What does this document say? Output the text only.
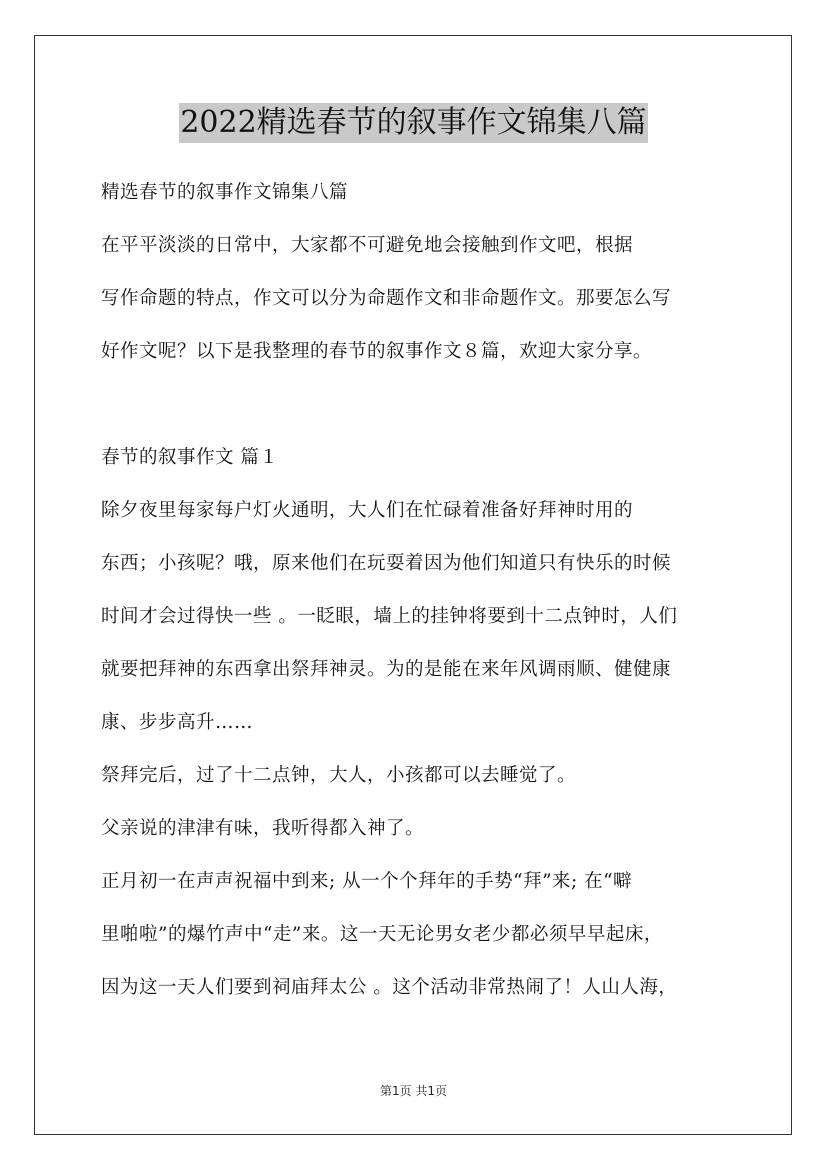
2022精选春节的叙事作文锦集八篇

精选春节的叙事作文锦集八篇

在平平淡淡的日常中，大家都不可避免地会接触到作文吧，根据

写作命题的特点，作文可以分为命题作文和非命题作文。那要怎么写

好作文呢？以下是我整理的春节的叙事作文８篇，欢迎大家分享。

春节的叙事作文 篇１

除夕夜里每家每户灯火通明，大人们在忙碌着准备好拜神时用的

东西；小孩呢？哦，原来他们在玩耍着因为他们知道只有快乐的时候

时间才会过得快一些 。一眨眼，墙上的挂钟将要到十二点钟时，人们

就要把拜神的东西拿出祭拜神灵。为的是能在来年风调雨顺、健健康

康、步步高升……

祭拜完后，过了十二点钟，大人，小孩都可以去睡觉了。

父亲说的津津有味，我听得都入神了。

正月初一在声声祝福中到来; 从一个个拜年的手势“拜”来; 在“噼

里啪啦”的爆竹声中“走”来。这一天无论男女老少都必须早早起床，

因为这一天人们要到祠庙拜太公 。这个活动非常热闹了！人山人海，

第1页 共1页
